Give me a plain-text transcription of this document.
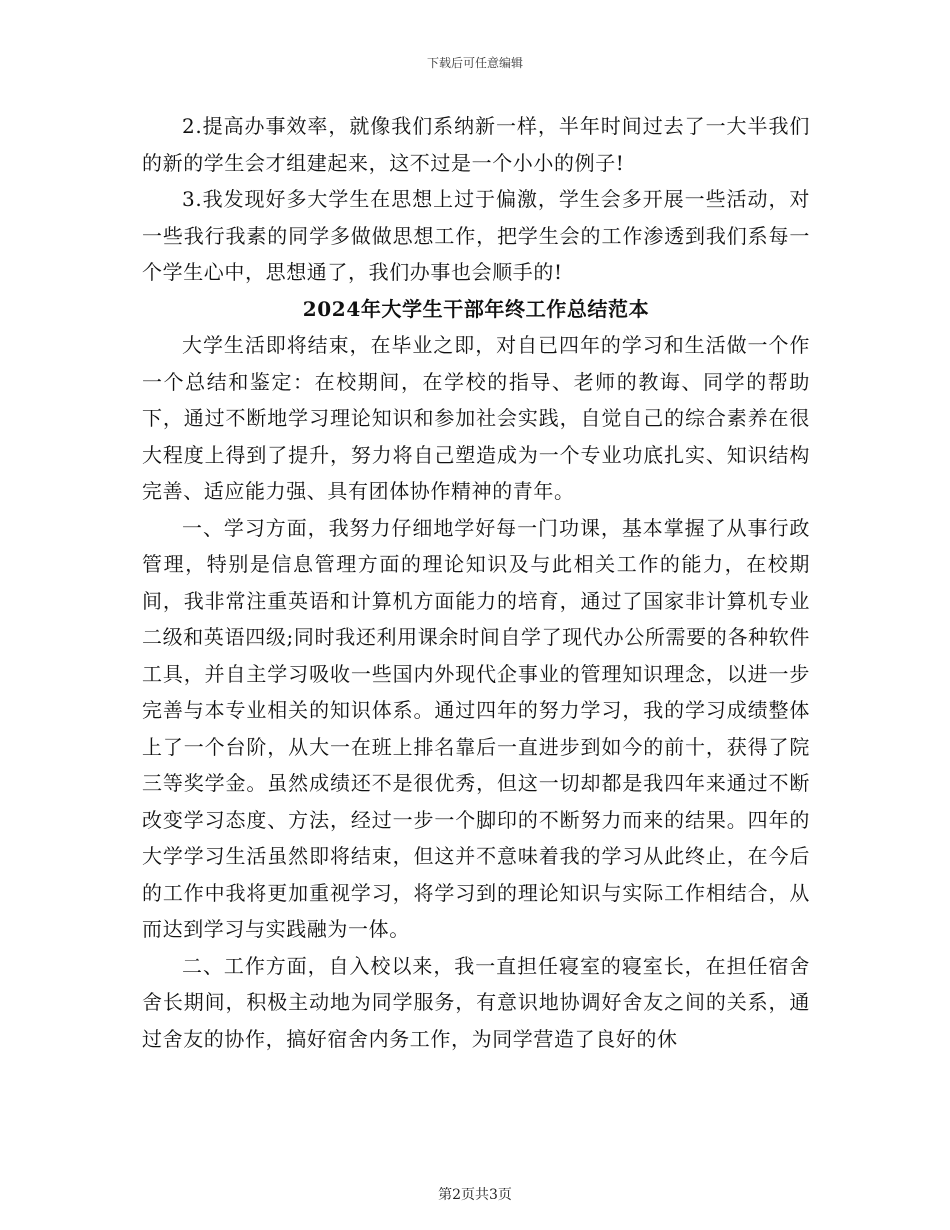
下载后可任意编辑

2.提高办事效率，就像我们系纳新一样，半年时间过去了一大半我们的新的学生会才组建起来，这不过是一个小小的例子!

3.我发现好多大学生在思想上过于偏激，学生会多开展一些活动，对一些我行我素的同学多做做思想工作，把学生会的工作渗透到我们系每一个学生心中，思想通了，我们办事也会顺手的!

2024年大学生干部年终工作总结范本

大学生活即将结束，在毕业之即，对自已四年的学习和生活做一个作一个总结和鉴定：在校期间，在学校的指导、老师的教诲、同学的帮助下，通过不断地学习理论知识和参加社会实践，自觉自己的综合素养在很大程度上得到了提升，努力将自己塑造成为一个专业功底扎实、知识结构完善、适应能力强、具有团体协作精神的青年。

一、学习方面，我努力仔细地学好每一门功课，基本掌握了从事行政管理，特别是信息管理方面的理论知识及与此相关工作的能力，在校期间，我非常注重英语和计算机方面能力的培育，通过了国家非计算机专业二级和英语四级;同时我还利用课余时间自学了现代办公所需要的各种软件工具，并自主学习吸收一些国内外现代企事业的管理知识理念，以进一步完善与本专业相关的知识体系。通过四年的努力学习，我的学习成绩整体上了一个台阶，从大一在班上排名靠后一直进步到如今的前十，获得了院三等奖学金。虽然成绩还不是很优秀，但这一切却都是我四年来通过不断改变学习态度、方法，经过一步一个脚印的不断努力而来的结果。四年的大学学习生活虽然即将结束，但这并不意味着我的学习从此终止，在今后的工作中我将更加重视学习，将学习到的理论知识与实际工作相结合，从而达到学习与实践融为一体。

二、工作方面，自入校以来，我一直担任寝室的寝室长，在担任宿舍舍长期间，积极主动地为同学服务，有意识地协调好舍友之间的关系，通过舍友的协作，搞好宿舍内务工作，为同学营造了良好的休

第2页共3页
